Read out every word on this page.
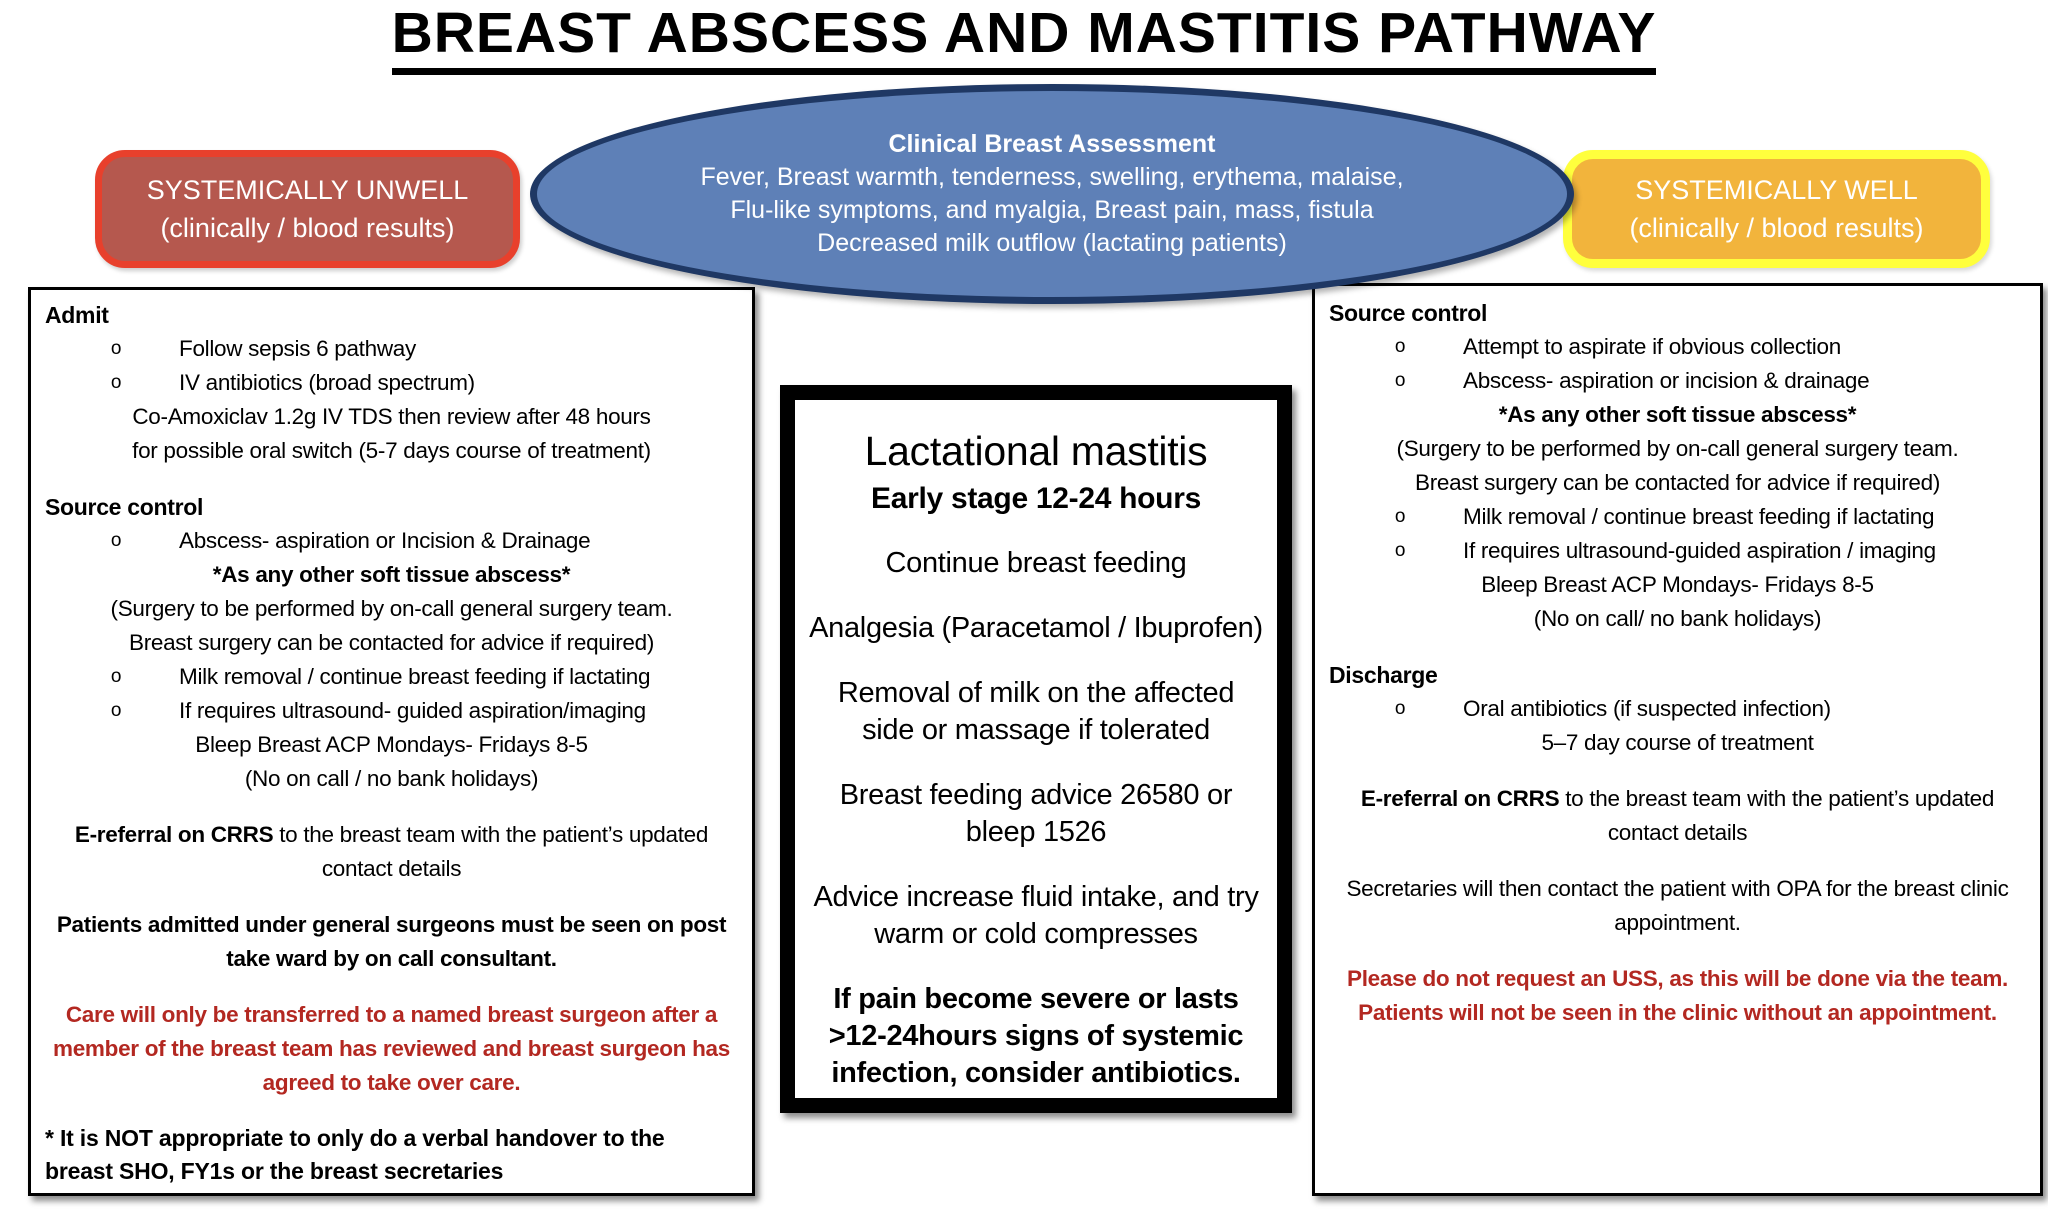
BREAST ABSCESS AND MASTITIS PATHWAY
SYSTEMICALLY UNWELL
(clinically / blood results)
Clinical Breast Assessment
Fever, Breast warmth, tenderness, swelling, erythema, malaise,
Flu-like symptoms, and myalgia, Breast pain, mass, fistula
Decreased milk outflow (lactating patients)
SYSTEMICALLY WELL
(clinically / blood results)
Admit
o	Follow sepsis 6 pathway
o	IV antibiotics (broad spectrum)
Co-Amoxiclav 1.2g IV TDS then review after 48 hours
for possible oral switch (5-7 days course of treatment)
Source control
o	Abscess- aspiration or Incision & Drainage
*As any other soft tissue abscess*
(Surgery to be performed by on-call general surgery team.
Breast surgery can be contacted for advice if required)
o	Milk removal / continue breast feeding if lactating
o	If requires ultrasound- guided aspiration/imaging
Bleep Breast ACP Mondays- Fridays 8-5
(No on call / no bank holidays)
E-referral on CRRS to the breast team with the patient’s updated contact details
Patients admitted under general surgeons must be seen on post take ward by on call consultant.
Care will only be transferred to a named breast surgeon after a member of the breast team has reviewed and breast surgeon has agreed to take over care.
* It is NOT appropriate to only do a verbal handover to the breast SHO, FY1s or the breast secretaries
Lactational mastitis
Early stage 12-24 hours
Continue breast feeding
Analgesia (Paracetamol / Ibuprofen)
Removal of milk on the affected side or massage if tolerated
Breast feeding advice 26580 or bleep 1526
Advice increase fluid intake, and try warm or cold compresses
If pain become severe or lasts >12-24hours signs of systemic infection, consider antibiotics.
Source control
o	Attempt to aspirate if obvious collection
o	Abscess- aspiration or incision & drainage
*As any other soft tissue abscess*
(Surgery to be performed by on-call general surgery team.
Breast surgery can be contacted for advice if required)
o	Milk removal / continue breast feeding if lactating
o	If requires ultrasound-guided aspiration / imaging
Bleep Breast ACP Mondays- Fridays 8-5
(No on call/ no bank holidays)
Discharge
o	Oral antibiotics (if suspected infection)
5–7 day course of treatment
E-referral on CRRS to the breast team with the patient’s updated contact details
Secretaries will then contact the patient with OPA for the breast clinic appointment.
Please do not request an USS, as this will be done via the team. Patients will not be seen in the clinic without an appointment.
